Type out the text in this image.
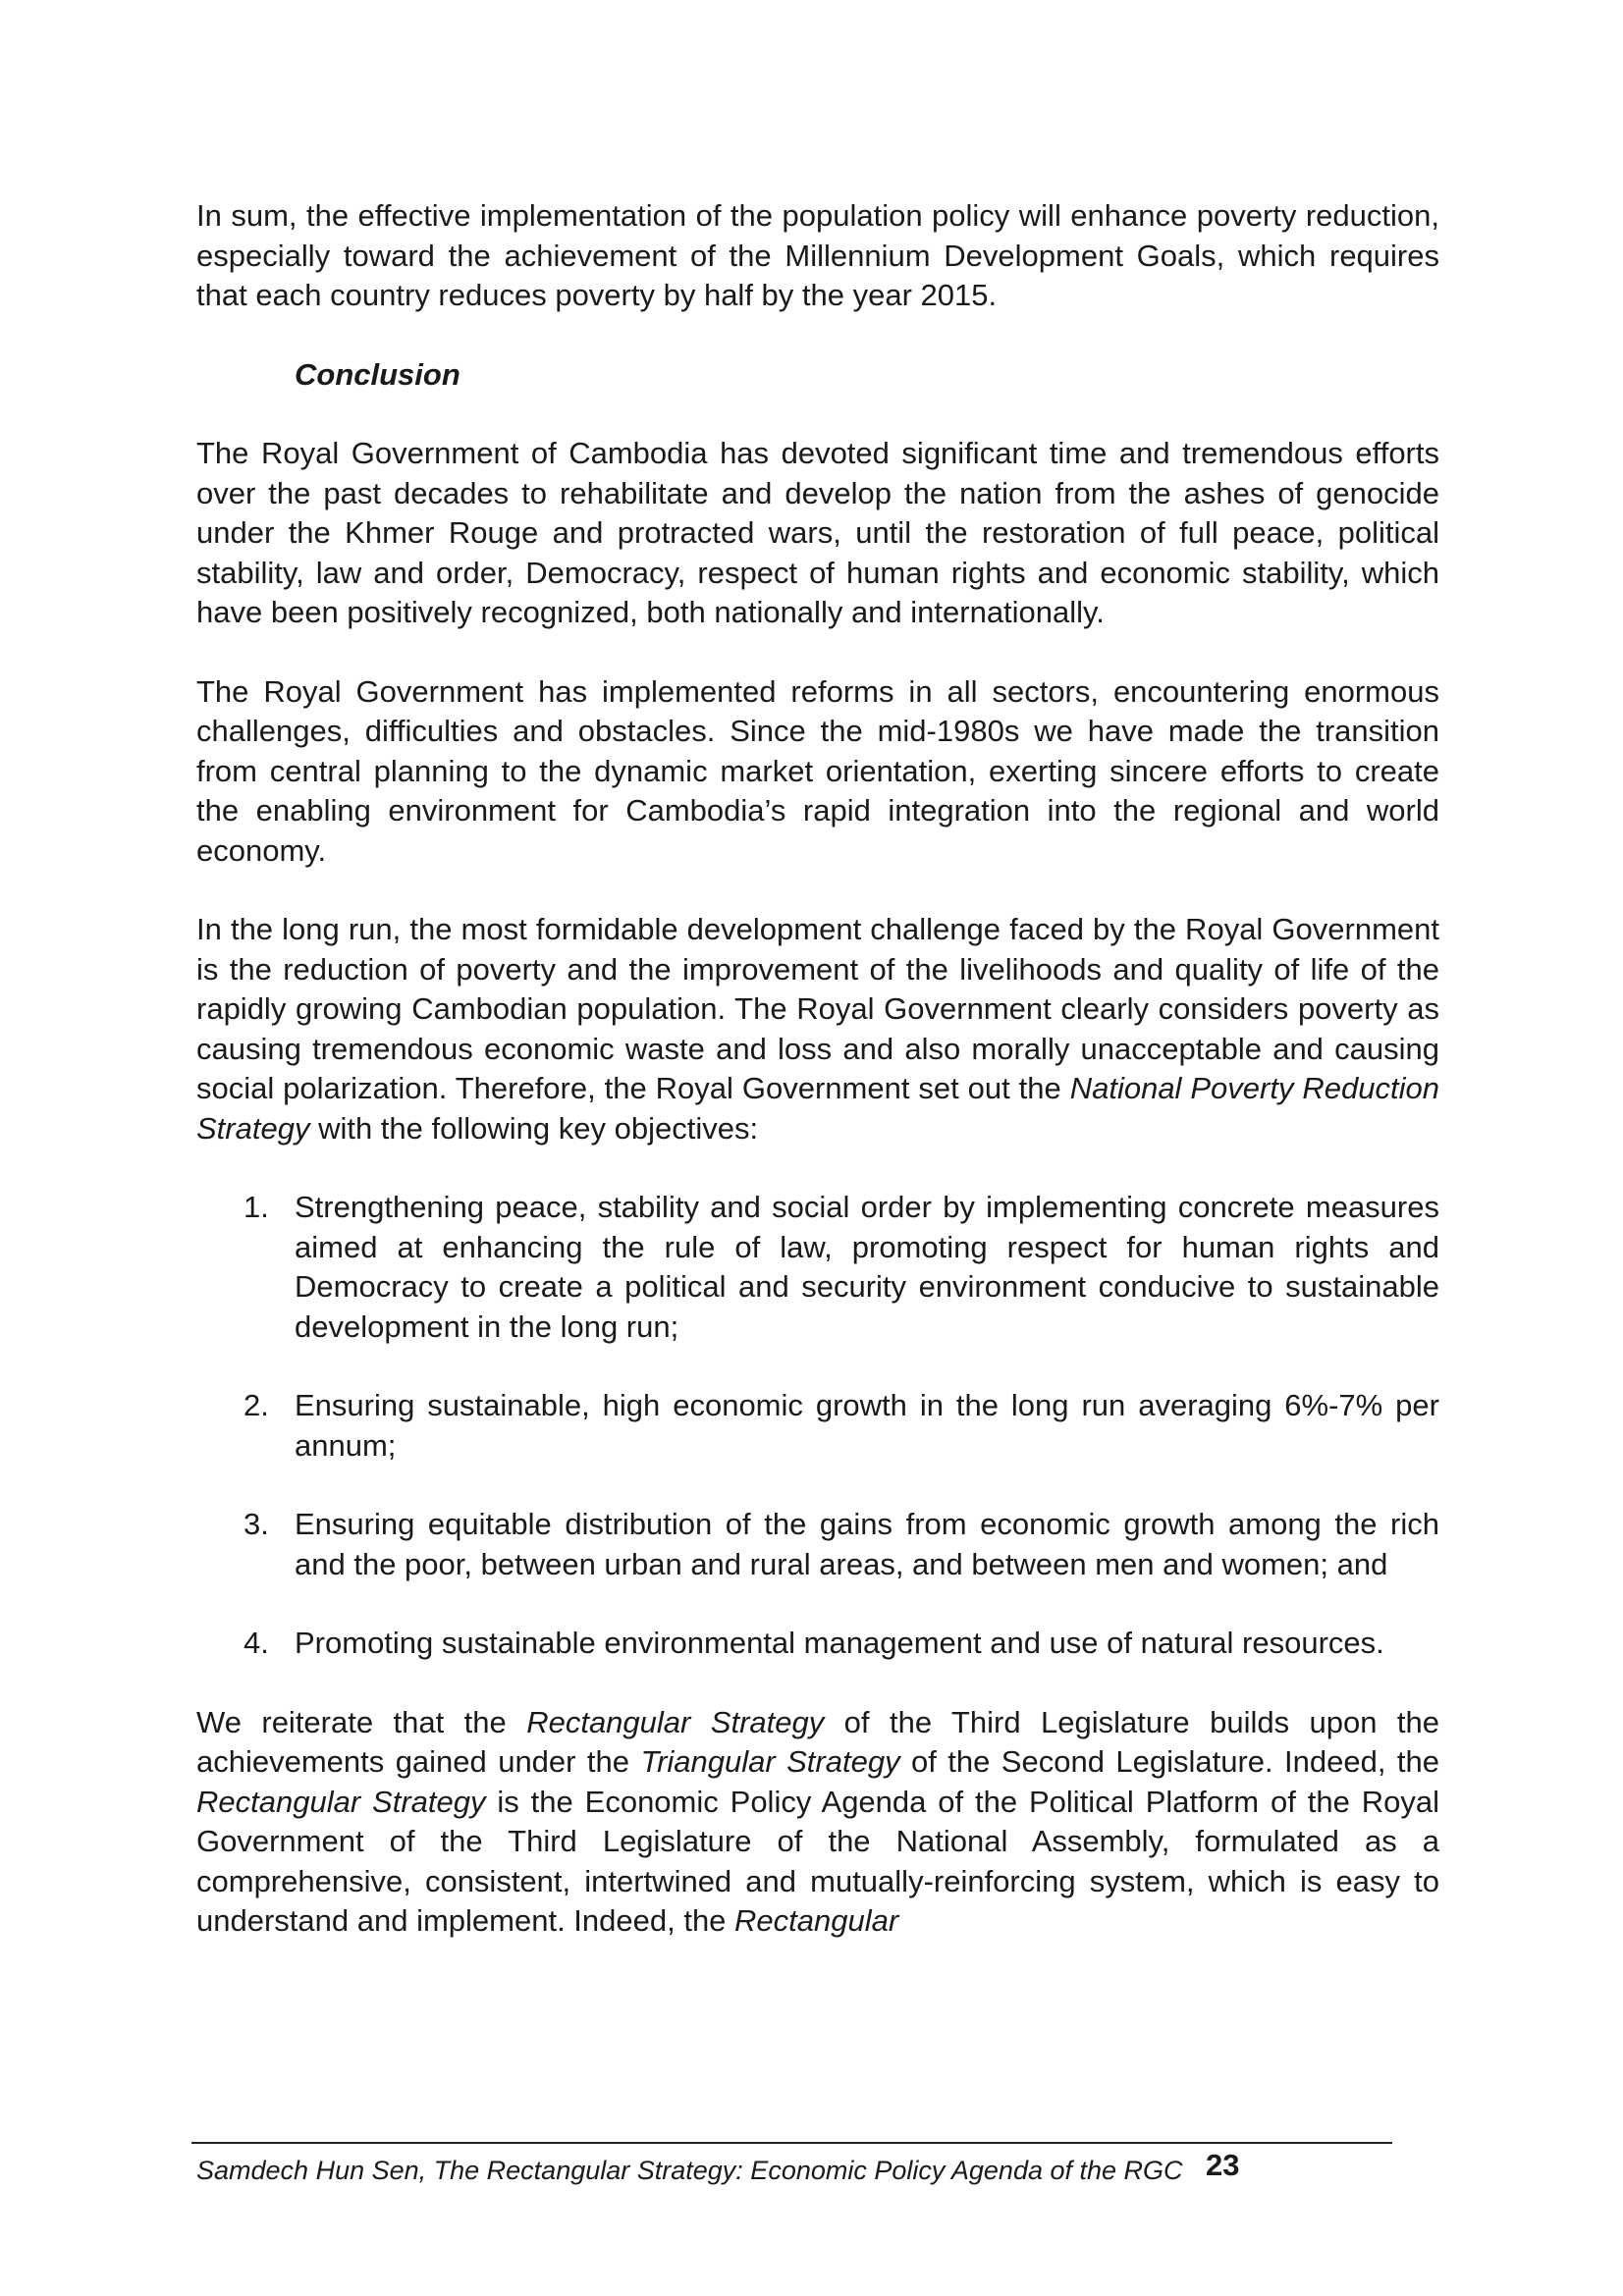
In sum, the effective implementation of the population policy will enhance poverty reduction, especially toward the achievement of the Millennium Development Goals, which requires that each country reduces poverty by half by the year 2015.

Conclusion

The Royal Government of Cambodia has devoted significant time and tremendous efforts over the past decades to rehabilitate and develop the nation from the ashes of genocide under the Khmer Rouge and protracted wars, until the restoration of full peace, political stability, law and order, Democracy, respect of human rights and economic stability, which have been positively recognized, both nationally and internationally.

The Royal Government has implemented reforms in all sectors, encountering enormous challenges, difficulties and obstacles. Since the mid-1980s we have made the transition from central planning to the dynamic market orientation, exerting sincere efforts to create the enabling environment for Cambodia’s rapid integration into the regional and world economy.

In the long run, the most formidable development challenge faced by the Royal Government is the reduction of poverty and the improvement of the livelihoods and quality of life of the rapidly growing Cambodian population. The Royal Government clearly considers poverty as causing tremendous economic waste and loss and also morally unacceptable and causing social polarization. Therefore, the Royal Government set out the National Poverty Reduction Strategy with the following key objectives:

1. Strengthening peace, stability and social order by implementing concrete measures aimed at enhancing the rule of law, promoting respect for human rights and Democracy to create a political and security environment conducive to sustainable development in the long run;
2. Ensuring sustainable, high economic growth in the long run averaging 6%-7% per annum;
3. Ensuring equitable distribution of the gains from economic growth among the rich and the poor, between urban and rural areas, and between men and women; and
4. Promoting sustainable environmental management and use of natural resources.

We reiterate that the Rectangular Strategy of the Third Legislature builds upon the achievements gained under the Triangular Strategy of the Second Legislature. Indeed, the Rectangular Strategy is the Economic Policy Agenda of the Political Platform of the Royal Government of the Third Legislature of the National Assembly, formulated as a comprehensive, consistent, intertwined and mutually-reinforcing system, which is easy to understand and implement. Indeed, the Rectangular

Samdech Hun Sen, The Rectangular Strategy: Economic Policy Agenda of the RGC 23
